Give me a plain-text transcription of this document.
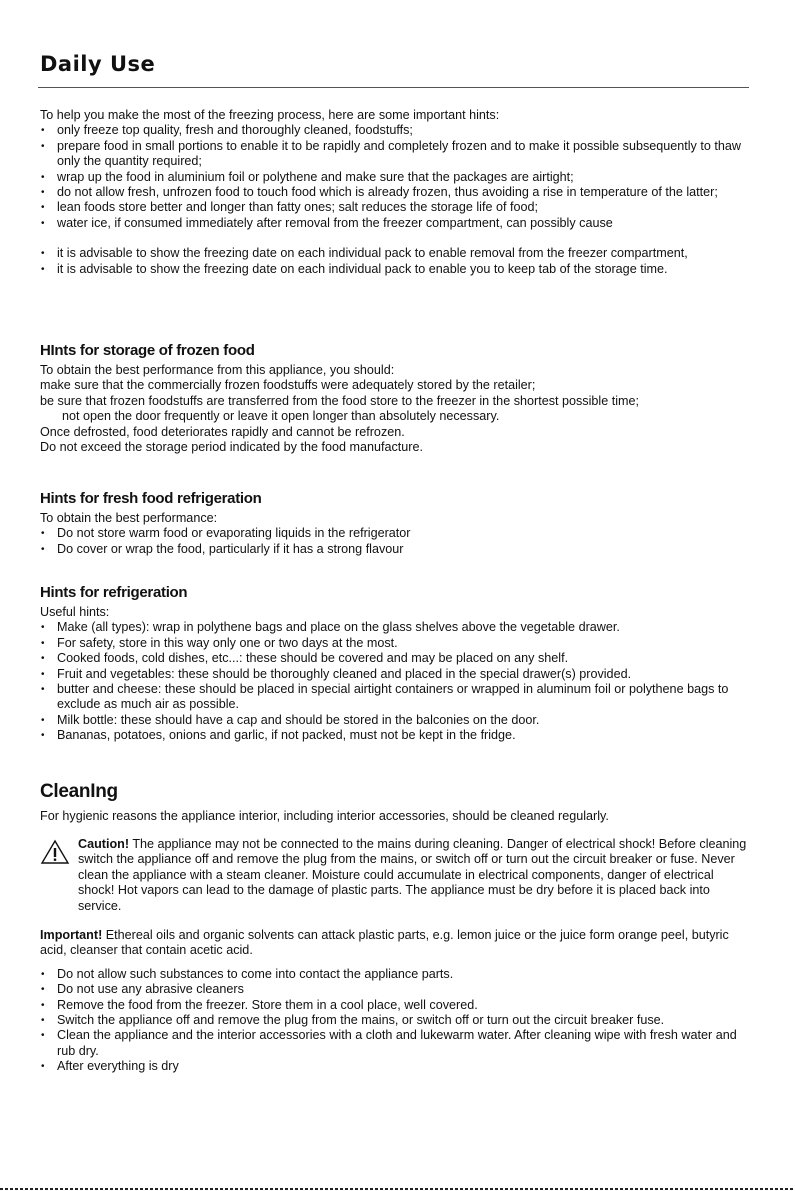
Daily Use

To help you make the most of the freezing process, here are some important hints:

• only freeze top quality, fresh and thoroughly cleaned, foodstuffs;

• prepare food in small portions to enable it to be rapidly and completely frozen and to make it possible subsequently to thaw only the quantity required;

• wrap up the food in aluminium foil or polythene and make sure that the packages are airtight;

• do not allow fresh, unfrozen food to touch food which is already frozen, thus avoiding a rise in temperature of the latter;

• lean foods store better and longer than fatty ones; salt reduces the storage life of food;

• water ice, if consumed immediately after removal from the freezer compartment, can possibly cause

• it is advisable to show the freezing date on each individual pack to enable removal from the freezer compartment,

• it is advisable to show the freezing date on each individual pack to enable you to keep tab of the storage time.

HInts for storage of frozen food

To obtain the best performance from this appliance, you should:

make sure that the commercially frozen foodstuffs were adequately stored by the retailer;

be sure that frozen foodstuffs are transferred from the food store to the freezer in the shortest possible time;

not open the door frequently or leave it open longer than absolutely necessary.

Once defrosted, food deteriorates rapidly and cannot be refrozen.

Do not exceed the storage period indicated by the food manufacture.

Hints for fresh food refrigeration

To obtain the best performance:

• Do not store warm food or evaporating liquids in the refrigerator

• Do cover or wrap the food, particularly if it has a strong flavour

Hints for refrigeration

Useful hints:

• Make (all types): wrap in polythene bags and place on the glass shelves above the vegetable drawer.

• For safety, store in this way only one or two days at the most.

• Cooked foods, cold dishes, etc...: these should be covered and may be placed on any shelf.

• Fruit and vegetables: these should be thoroughly cleaned and placed in the special drawer(s) provided.

• butter and cheese: these should be placed in special airtight containers or wrapped in aluminum foil or polythene bags to exclude as much air as possible.

• Milk bottle: these should have a cap and should be stored in the balconies on the door.

• Bananas, potatoes, onions and garlic, if not packed, must not be kept in the fridge.

CleanIng

For hygienic reasons the appliance interior, including interior accessories, should be cleaned regularly.

Caution! The appliance may not be connected to the mains during cleaning. Danger of electrical shock! Before cleaning switch the appliance off and remove the plug from the mains, or switch off or turn out the circuit breaker or fuse. Never clean the appliance with a steam cleaner. Moisture could accumulate in electrical components, danger of electrical shock! Hot vapors can lead to the damage of plastic parts. The appliance must be dry before it is placed back into service.

Important! Ethereal oils and organic solvents can attack plastic parts, e.g. lemon juice or the juice form orange peel, butyric acid, cleanser that contain acetic acid.

• Do not allow such substances to come into contact the appliance parts.

• Do not use any abrasive cleaners

• Remove the food from the freezer. Store them in a cool place, well covered.

• Switch the appliance off and remove the plug from the mains, or switch off or turn out the circuit breaker fuse.

• Clean the appliance and the interior accessories with a cloth and lukewarm water. After cleaning wipe with fresh water and rub dry.

• After everything is dry
